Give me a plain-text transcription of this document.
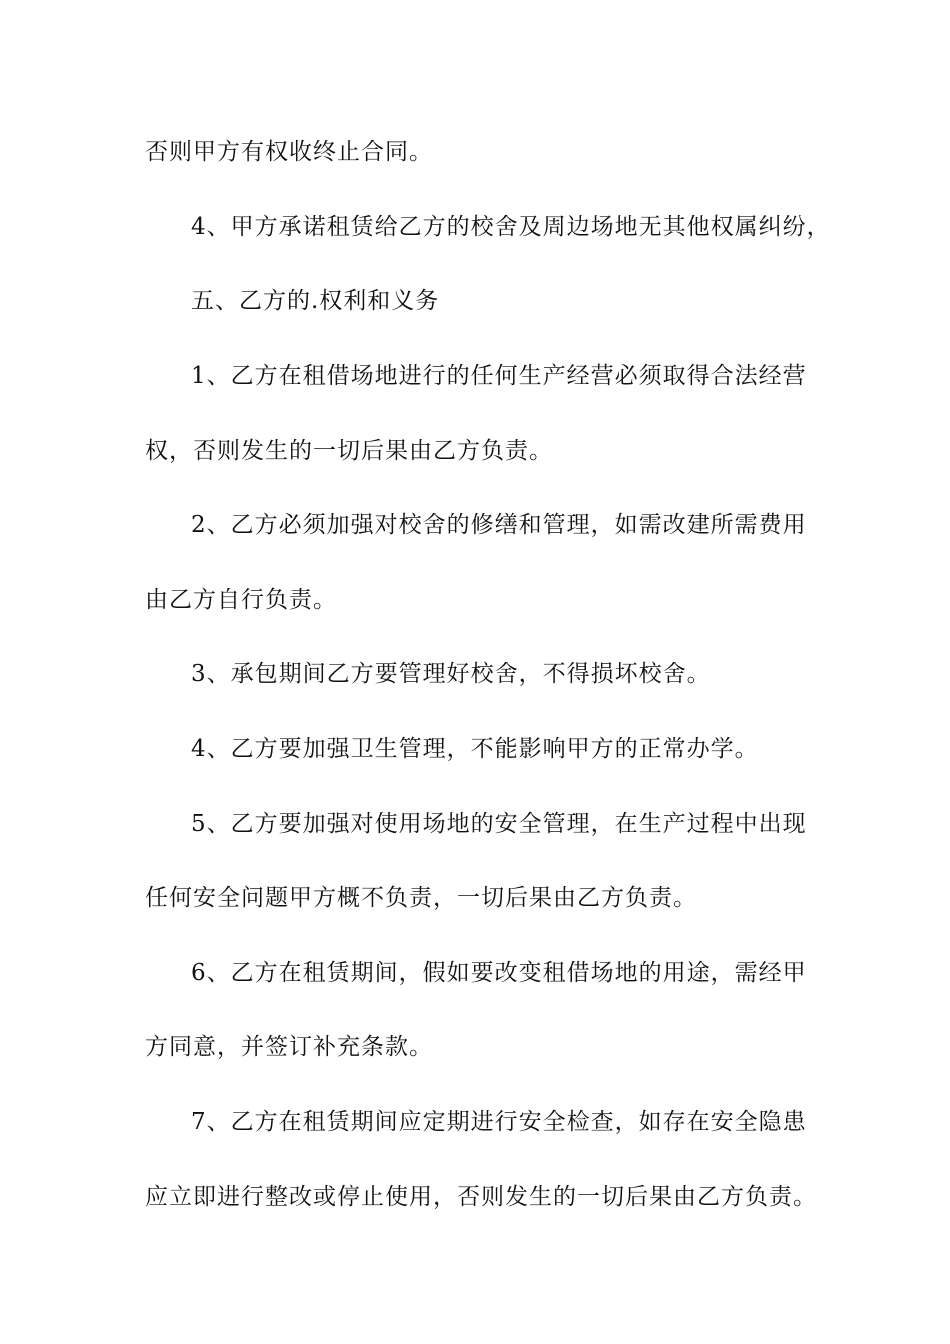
否则甲方有权收终止合同。
4、甲方承诺租赁给乙方的校舍及周边场地无其他权属纠纷，
五、乙方的.权利和义务
1、乙方在租借场地进行的任何生产经营必须取得合法经营
权，否则发生的一切后果由乙方负责。
2、乙方必须加强对校舍的修缮和管理，如需改建所需费用
由乙方自行负责。
3、承包期间乙方要管理好校舍，不得损坏校舍。
4、乙方要加强卫生管理，不能影响甲方的正常办学。
5、乙方要加强对使用场地的安全管理，在生产过程中出现
任何安全问题甲方概不负责，一切后果由乙方负责。
6、乙方在租赁期间，假如要改变租借场地的用途，需经甲
方同意，并签订补充条款。
7、乙方在租赁期间应定期进行安全检查，如存在安全隐患
应立即进行整改或停止使用，否则发生的一切后果由乙方负责。
